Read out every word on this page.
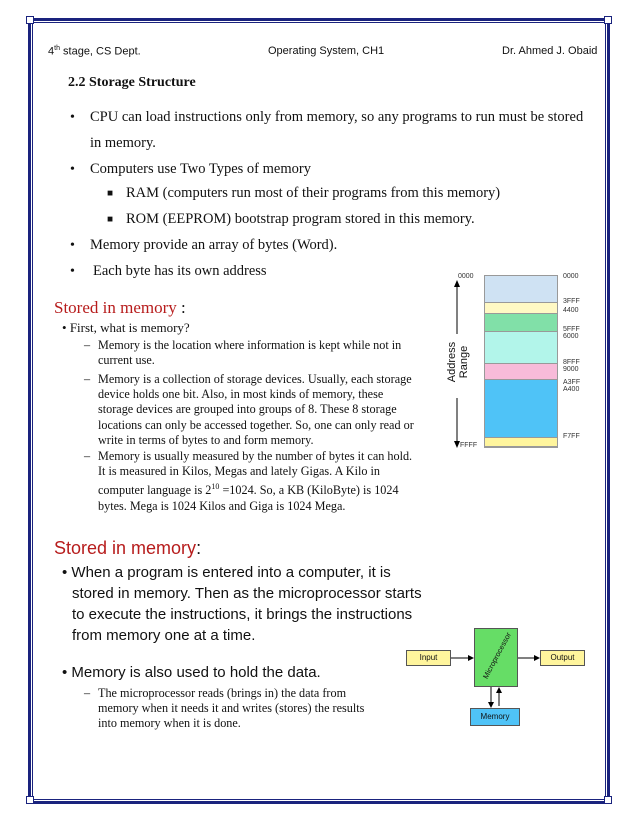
4th stage, CS Dept.	Operating System, CH1	Dr. Ahmed J. Obaid
2.2 Storage Structure
• CPU can load instructions only from memory, so any programs to run must be stored
in memory.
• Computers use Two Types of memory
■ RAM (computers run most of their programs from this memory)
■ ROM (EEPROM) bootstrap program stored in this memory.
• Memory provide an array of bytes (Word).
• Each byte has its own address
Stored in memory :
• First, what is memory?
– Memory is the location where information is kept while not in
current use.
– Memory is a collection of storage devices. Usually, each storage
device holds one bit. Also, in most kinds of memory, these
storage devices are grouped into groups of 8. These 8 storage
locations can only be accessed together. So, one can only read or
write in terms of bytes to and form memory.
– Memory is usually measured by the number of bytes it can hold.
It is measured in Kilos, Megas and lately Gigas. A Kilo in
computer language is $2^{10} =1024$. So, a KB (KiloByte) is 1024
bytes. Mega is 1024 Kilos and Giga is 1024 Mega.
0000
FFFF
Address Range
0000
3FFF
4400
5FFF
6000
8FFF
9000
A3FF
A400
F7FF
Stored in memory:
• When a program is entered into a computer, it is
stored in memory. Then as the microprocessor starts
to execute the instructions, it brings the instructions
from memory one at a time.
• Memory is also used to hold the data.
– The microprocessor reads (brings in) the data from
memory when it needs it and writes (stores) the results
into memory when it is done.
Input	Microprocessor	Output
Memory
